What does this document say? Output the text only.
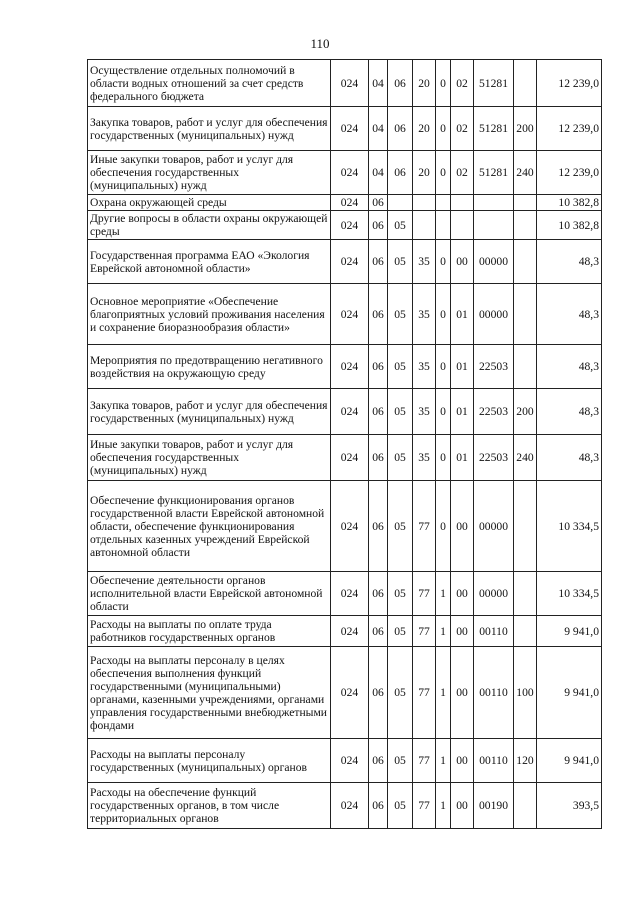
110
Осуществление отдельных полномочий в области водных отношений за счет средств федерального бюджета	024	04	06	20	0	02	51281		12 239,0
Закупка товаров, работ и услуг для обеспечения государственных (муниципальных) нужд	024	04	06	20	0	02	51281	200	12 239,0
Иные закупки товаров, работ и услуг для обеспечения государственных (муниципальных) нужд	024	04	06	20	0	02	51281	240	12 239,0
Охрана окружающей среды	024	06							10 382,8
Другие вопросы в области охраны окружающей среды	024	06	05						10 382,8
Государственная программа ЕАО «Экология Еврейской автономной области»	024	06	05	35	0	00	00000		48,3
Основное мероприятие «Обеспечение благоприятных условий проживания населения и сохранение биоразнообразия области»	024	06	05	35	0	01	00000		48,3
Мероприятия по предотвращению негативного воздействия на окружающую среду	024	06	05	35	0	01	22503		48,3
Закупка товаров, работ и услуг для обеспечения государственных (муниципальных) нужд	024	06	05	35	0	01	22503	200	48,3
Иные закупки товаров, работ и услуг для обеспечения государственных (муниципальных) нужд	024	06	05	35	0	01	22503	240	48,3
Обеспечение функционирования органов государственной власти Еврейской автономной области, обеспечение функционирования отдельных казенных учреждений Еврейской автономной области	024	06	05	77	0	00	00000		10 334,5
Обеспечение деятельности органов исполнительной власти Еврейской автономной области	024	06	05	77	1	00	00000		10 334,5
Расходы на выплаты по оплате труда работников государственных органов	024	06	05	77	1	00	00110		9 941,0
Расходы на выплаты персоналу в целях обеспечения выполнения функций государственными (муниципальными) органами, казенными учреждениями, органами управления государственными внебюджетными фондами	024	06	05	77	1	00	00110	100	9 941,0
Расходы на выплаты персоналу государственных (муниципальных) органов	024	06	05	77	1	00	00110	120	9 941,0
Расходы на обеспечение функций государственных органов, в том числе территориальных органов	024	06	05	77	1	00	00190		393,5
